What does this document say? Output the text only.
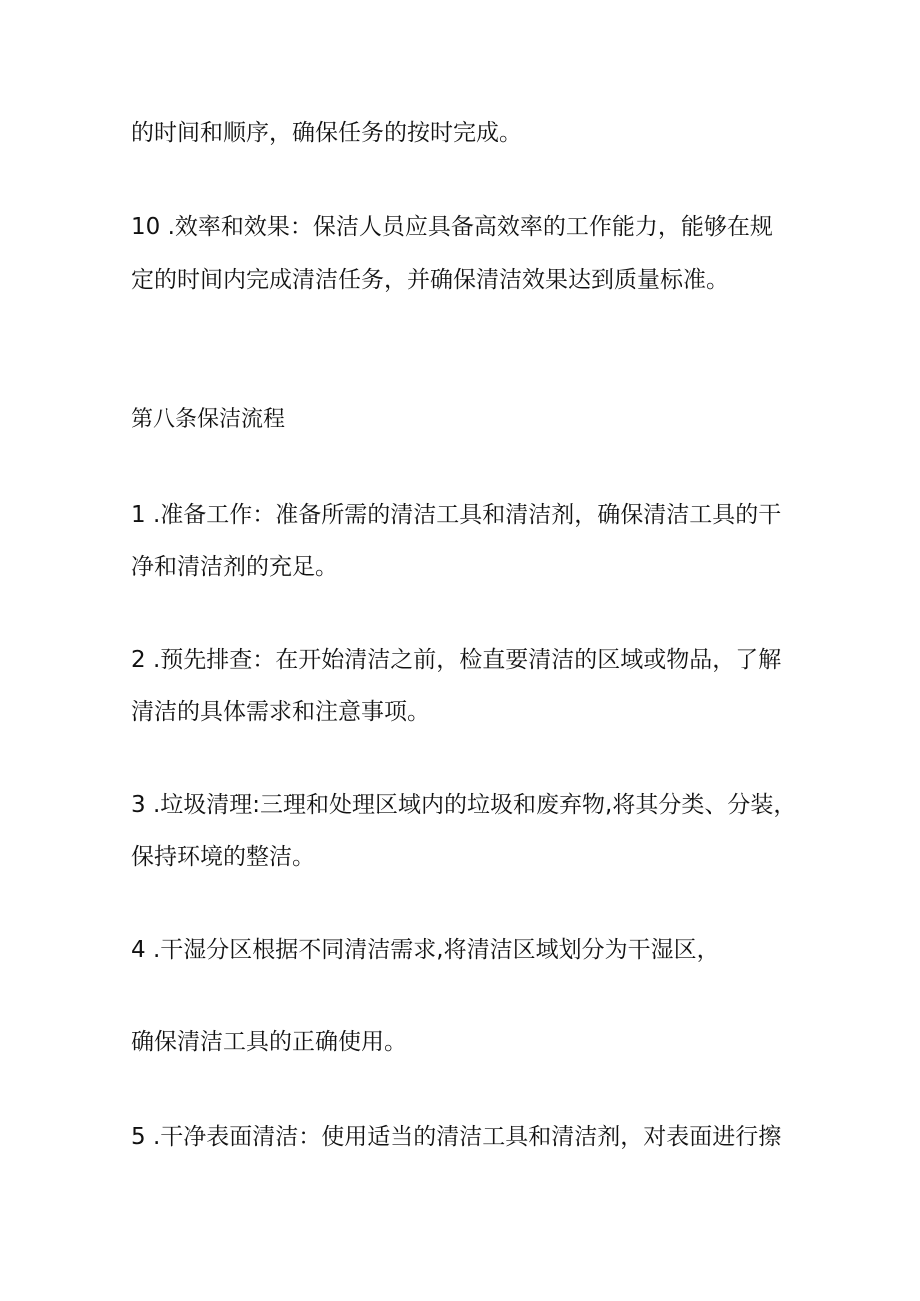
的时间和顺序，确保任务的按时完成。
10 .效率和效果：保洁人员应具备高效率的工作能力，能够在规
定的时间内完成清洁任务，并确保清洁效果达到质量标准。
第八条保洁流程
1 .准备工作：准备所需的清洁工具和清洁剂，确保清洁工具的干
净和清洁剂的充足。
2 .预先排查：在开始清洁之前，检直要清洁的区域或物品，了解
清洁的具体需求和注意事项。
3 .垃圾清理:三理和处理区域内的垃圾和废弃物,将其分类、分装，
保持环境的整洁。
4 .干湿分区根据不同清洁需求,将清洁区域划分为干湿区，
确保清洁工具的正确使用。
5 .干净表面清洁：使用适当的清洁工具和清洁剂，对表面进行擦
